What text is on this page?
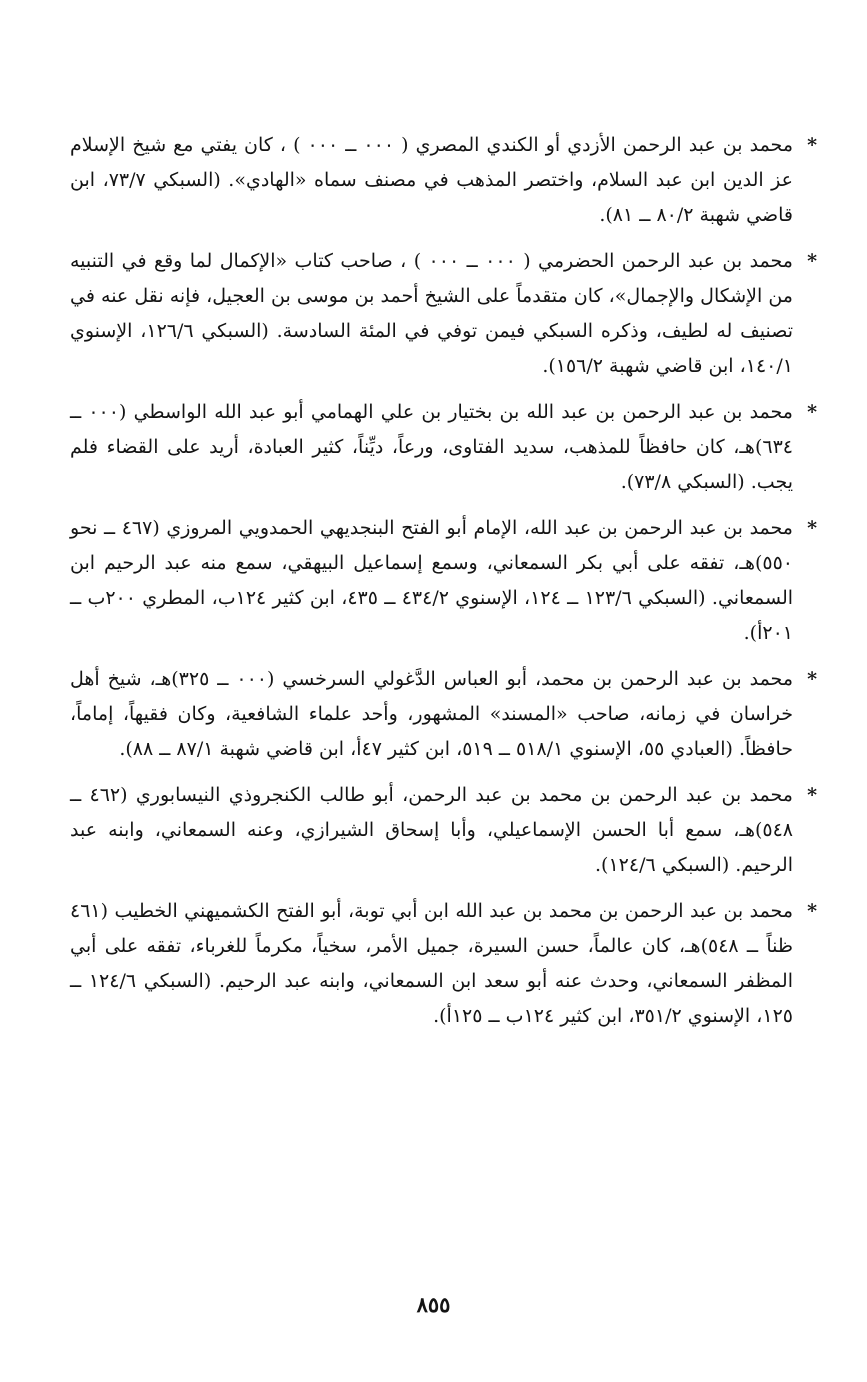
*

محمد بن عبد الرحمن الأزدي أو الكندي المصري ( ٠٠٠ ــ ٠٠٠ ) ، كان يفتي مع شيخ الإسلام عز الدين ابن عبد السلام، واختصر المذهب في مصنف سماه «الهادي». (السبكي ٧٣/٧، ابن قاضي شهبة ٨٠/٢ ــ ٨١).

*

محمد بن عبد الرحمن الحضرمي ( ٠٠٠ ــ ٠٠٠ ) ، صاحب كتاب «الإكمال لما وقع في التنبيه من الإشكال والإجمال»، كان متقدماً على الشيخ أحمد بن موسى بن العجيل، فإنه نقل عنه في تصنيف له لطيف، وذكره السبكي فيمن توفي في المئة السادسة. (السبكي ١٢٦/٦، الإسنوي ١٤٠/١، ابن قاضي شهبة ١٥٦/٢).

*

محمد بن عبد الرحمن بن عبد الله بن بختيار بن علي الهمامي أبو عبد الله الواسطي (٠٠٠ ــ ٦٣٤)هـ، كان حافظاً للمذهب، سديد الفتاوى، ورعاً، ديِّناً، كثير العبادة، أريد على القضاء فلم يجب. (السبكي ٧٣/٨).

*

محمد بن عبد الرحمن بن عبد الله، الإمام أبو الفتح البنجديهي الحمدويي المروزي (٤٦٧ ــ نحو ٥٥٠)هـ، تفقه على أبي بكر السمعاني، وسمع إسماعيل البيهقي، سمع منه عبد الرحيم ابن السمعاني. (السبكي ١٢٣/٦ ــ ١٢٤، الإسنوي ٤٣٤/٢ ــ ٤٣٥، ابن كثير ١٢٤ب، المطري ٢٠٠ب ــ ٢٠١أ).

*

محمد بن عبد الرحمن بن محمد، أبو العباس الدَّغولي السرخسي (٠٠٠ ــ ٣٢٥)هـ، شيخ أهل خراسان في زمانه، صاحب «المسند» المشهور، وأحد علماء الشافعية، وكان فقيهاً، إماماً، حافظاً. (العبادي ٥٥، الإسنوي ٥١٨/١ ــ ٥١٩، ابن كثير ٤٧أ، ابن قاضي شهبة ٨٧/١ ــ ٨٨).

*

محمد بن عبد الرحمن بن محمد بن عبد الرحمن، أبو طالب الكنجروذي النيسابوري (٤٦٢ ــ ٥٤٨)هـ، سمع أبا الحسن الإسماعيلي، وأبا إسحاق الشيرازي، وعنه السمعاني، وابنه عبد الرحيم. (السبكي ١٢٤/٦).

*

محمد بن عبد الرحمن بن محمد بن عبد الله ابن أبي توبة، أبو الفتح الكشميهني الخطيب (٤٦١ ظناً ــ ٥٤٨)هـ، كان عالماً، حسن السيرة، جميل الأمر، سخياً، مكرماً للغرباء، تفقه على أبي المظفر السمعاني، وحدث عنه أبو سعد ابن السمعاني، وابنه عبد الرحيم. (السبكي ١٢٤/٦ ــ ١٢٥، الإسنوي ٣٥١/٢، ابن كثير ١٢٤ب ــ ١٢٥أ).

٨٥٥
